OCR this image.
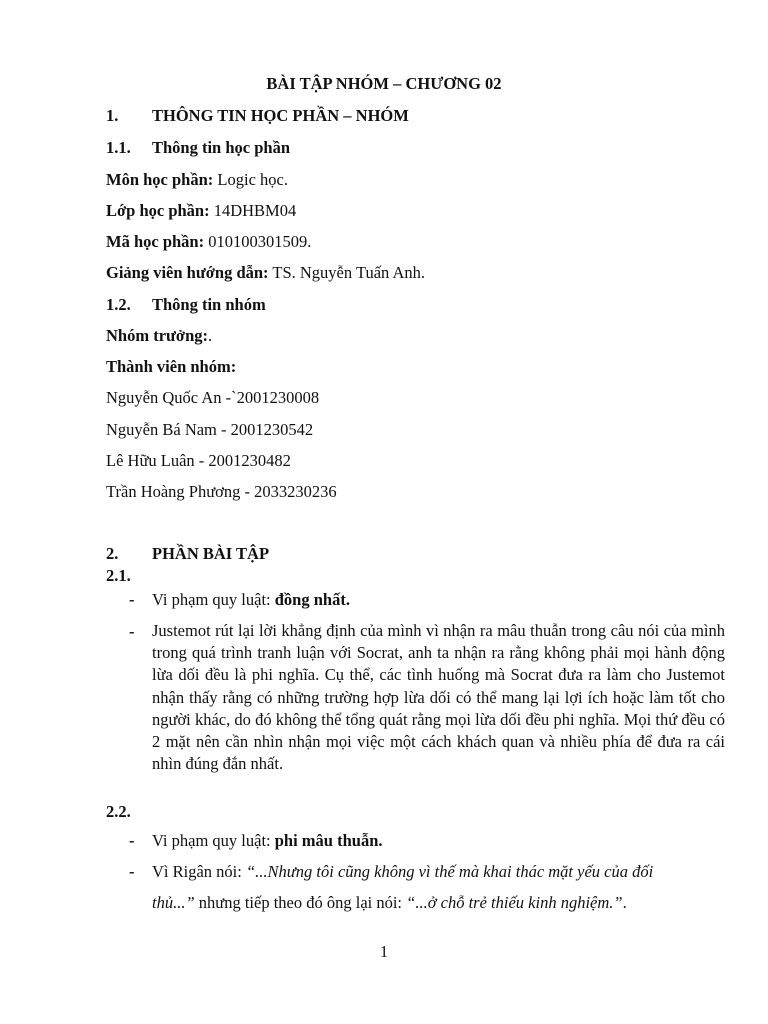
BÀI TẬP NHÓM – CHƯƠNG 02
1. THÔNG TIN HỌC PHẦN – NHÓM
1.1. Thông tin học phần
Môn học phần: Logic học.
Lớp học phần: 14DHBM04
Mã học phần: 010100301509.
Giảng viên hướng dẫn: TS. Nguyễn Tuấn Anh.
1.2. Thông tin nhóm
Nhóm trưởng:.
Thành viên nhóm:
Nguyễn Quốc An -`2001230008
Nguyễn Bá Nam - 2001230542
Lê Hữu Luân - 2001230482
Trần Hoàng Phương - 2033230236
2. PHẦN BÀI TẬP
2.1.
- Vi phạm quy luật: đồng nhất.
- Justemot rút lại lời khẳng định của mình vì nhận ra mâu thuẫn trong câu nói của mình trong quá trình tranh luận với Socrat, anh ta nhận ra rằng không phải mọi hành động lừa dối đều là phi nghĩa. Cụ thể, các tình huống mà Socrat đưa ra làm cho Justemot nhận thấy rằng có những trường hợp lừa dối có thể mang lại lợi ích hoặc làm tốt cho người khác, do đó không thể tổng quát rằng mọi lừa dối đều phi nghĩa. Mọi thứ đều có 2 mặt nên cần nhìn nhận mọi việc một cách khách quan và nhiều phía để đưa ra cái nhìn đúng đắn nhất.
2.2.
- Vi phạm quy luật: phi mâu thuẫn.
- Vì Rigân nói: “...Nhưng tôi cũng không vì thế mà khai thác mặt yếu của đối
thủ...” nhưng tiếp theo đó ông lại nói: “...ở chỗ trẻ thiếu kinh nghiệm.”.
1
